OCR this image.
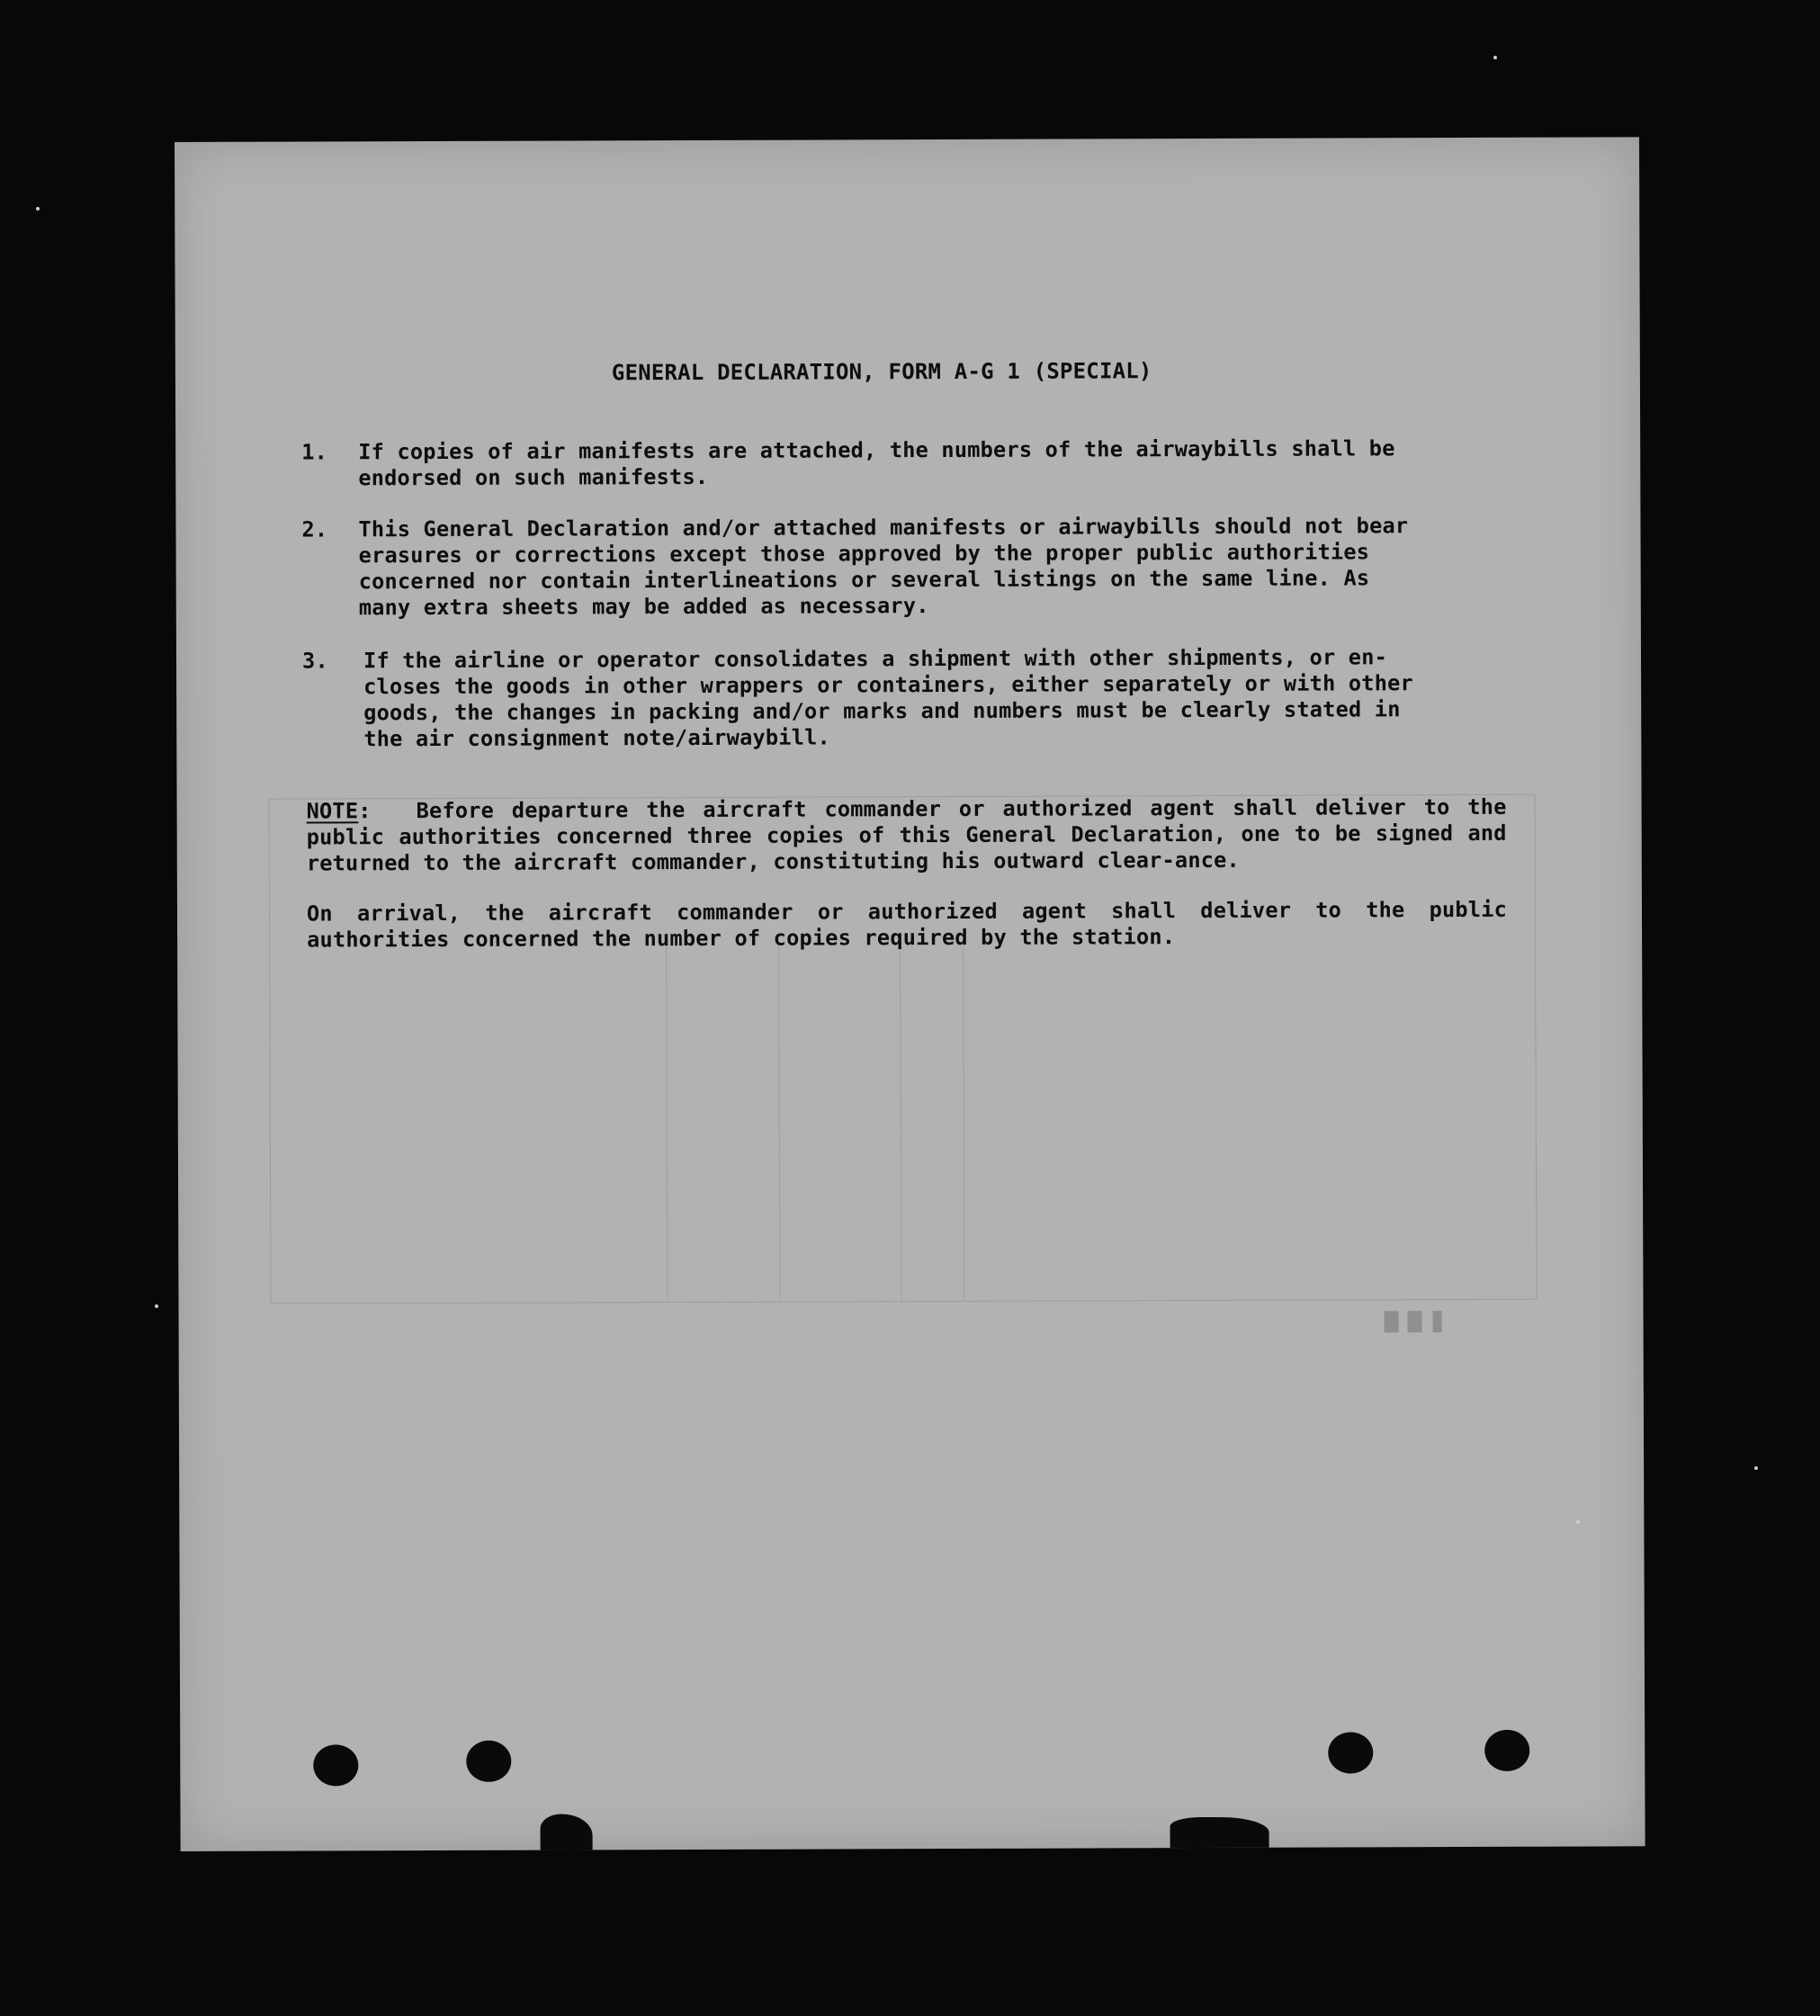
GENERAL DECLARATION, FORM A-G 1 (SPECIAL)
1. If copies of air manifests are attached, the numbers of the airwaybills shall be
endorsed on such manifests.
2. This General Declaration and/or attached manifests or airwaybills should not bear
erasures or corrections except those approved by the proper public authorities
concerned nor contain interlineations or several listings on the same line. As
many extra sheets may be added as necessary.
3. If the airline or operator consolidates a shipment with other shipments, or en-
closes the goods in other wrappers or containers, either separately or with other
goods, the changes in packing and/or marks and numbers must be clearly stated in
the air consignment note/airwaybill.
NOTE: Before departure the aircraft commander or authorized agent shall deliver to the public authorities concerned three copies of this General Declaration, one to be signed and returned to the aircraft commander, constituting his outward clear-ance.
On arrival, the aircraft commander or authorized agent shall deliver to the public authorities concerned the number of copies required by the station.
